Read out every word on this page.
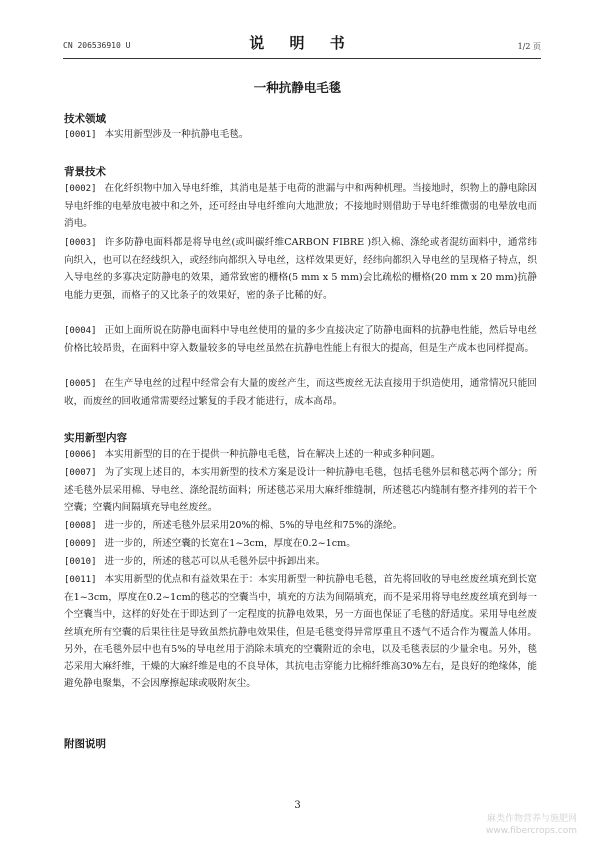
CN 206536910 U	说 明 书	1/2 页
一种抗静电毛毯
技术领域
[0001] 本实用新型涉及一种抗静电毛毯。
背景技术
[0002] 在化纤织物中加入导电纤维，其消电是基于电荷的泄漏与中和两种机理。当接地时，织物上的静电除因导电纤维的电晕放电被中和之外，还可经由导电纤维向大地泄放；不接地时则借助于导电纤维微弱的电晕放电而消电。
[0003] 许多防静电面料都是将导电丝(或叫碳纤维CARBON FIBRE )织入棉、涤纶或者混纺面料中，通常纬向织入，也可以在经线织入，或经纬向都织入导电丝，这样效果更好，经纬向都织入导电丝的呈现格子特点，织入导电丝的多寡决定防静电的效果，通常致密的栅格(5 mm x 5 mm)会比疏松的栅格(20 mm x 20 mm)抗静电能力更强，而格子的又比条子的效果好，密的条子比稀的好。
[0004] 正如上面所说在防静电面料中导电丝使用的量的多少直接决定了防静电面料的抗静电性能，然后导电丝价格比较昂贵，在面料中穿入数量较多的导电丝虽然在抗静电性能上有很大的提高，但是生产成本也同样提高。
[0005] 在生产导电丝的过程中经常会有大量的废丝产生，而这些废丝无法直接用于织造使用，通常情况只能回收，而废丝的回收通常需要经过繁复的手段才能进行，成本高昂。
实用新型内容
[0006] 本实用新型的目的在于提供一种抗静电毛毯，旨在解决上述的一种或多种问题。
[0007] 为了实现上述目的，本实用新型的技术方案是设计一种抗静电毛毯，包括毛毯外层和毯芯两个部分；所述毛毯外层采用棉、导电丝、涤纶混纺面料；所述毯芯采用大麻纤维缝制，所述毯芯内缝制有整齐排列的若干个空囊；空囊内间隔填充导电丝废丝。
[0008] 进一步的，所述毛毯外层采用20%的棉、5%的导电丝和75%的涤纶。
[0009] 进一步的，所述空囊的长宽在1~3cm，厚度在0.2~1cm。
[0010] 进一步的，所述的毯芯可以从毛毯外层中拆卸出来。
[0011] 本实用新型的优点和有益效果在于：本实用新型一种抗静电毛毯，首先将回收的导电丝废丝填充到长宽在1~3cm，厚度在0.2~1cm的毯芯的空囊当中，填充的方法为间隔填充，而不是采用将导电丝废丝填充到每一个空囊当中，这样的好处在于即达到了一定程度的抗静电效果，另一方面也保证了毛毯的舒适度。采用导电丝废丝填充所有空囊的后果往往是导致虽然抗静电效果佳，但是毛毯变得异常厚重且不透气不适合作为覆盖人体用。另外，在毛毯外层中也有5%的导电丝用于消除未填充的空囊附近的余电，以及毛毯表层的少量余电。另外，毯芯采用大麻纤维，干燥的大麻纤维是电的不良导体，其抗电击穿能力比棉纤维高30%左右，是良好的绝缘体，能避免静电聚集，不会因摩擦起球或吸附灰尘。
附图说明
3
麻类作物营养与施肥网
www.fibercrops.com
